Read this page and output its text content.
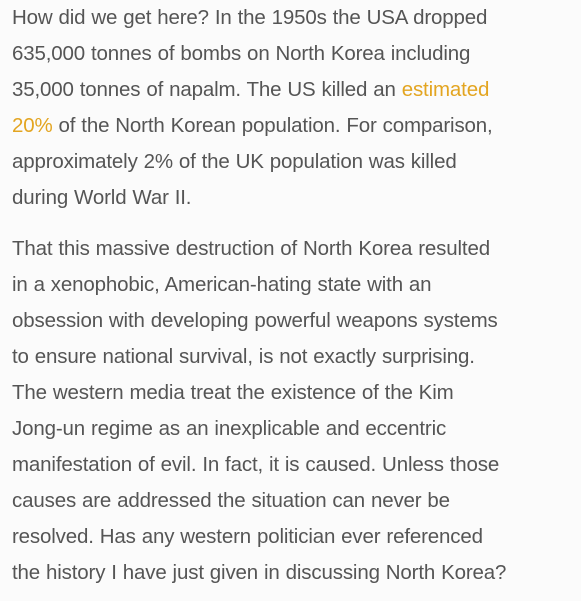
How did we get here? In the 1950s the USA dropped
635,000 tonnes of bombs on North Korea including
35,000 tonnes of napalm. The US killed an estimated
20% of the North Korean population. For comparison,
approximately 2% of the UK population was killed
during World War II.

That this massive destruction of North Korea resulted
in a xenophobic, American-hating state with an
obsession with developing powerful weapons systems
to ensure national survival, is not exactly surprising.
The western media treat the existence of the Kim
Jong-un regime as an inexplicable and eccentric
manifestation of evil. In fact, it is caused. Unless those
causes are addressed the situation can never be
resolved. Has any western politician ever referenced
the history I have just given in discussing North Korea?
